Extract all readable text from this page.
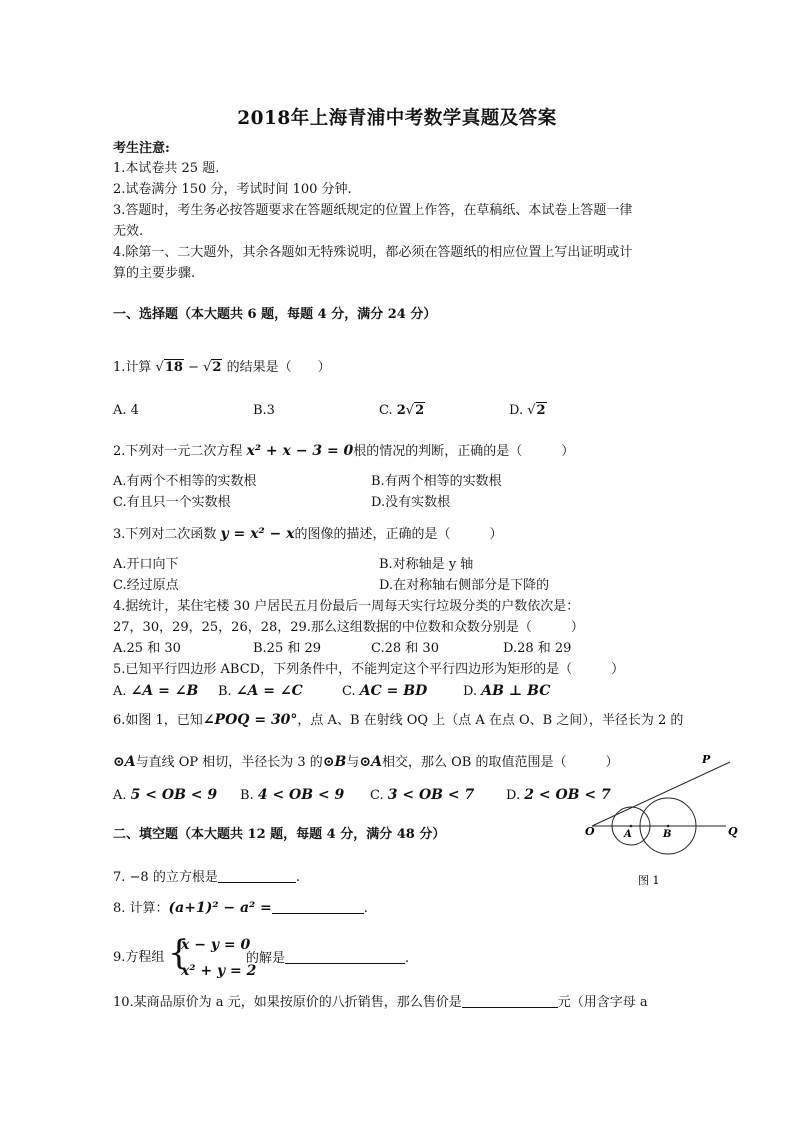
2018年上海青浦中考数学真题及答案
考生注意:
1.本试卷共 25 题.
2.试卷满分 150 分，考试时间 100 分钟.
3.答题时，考生务必按答题要求在答题纸规定的位置上作答，在草稿纸、本试卷上答题一律
无效.
4.除第一、二大题外，其余各题如无特殊说明，都必须在答题纸的相应位置上写出证明或计
算的主要步骤.
一、选择题（本大题共 6 题，每题 4 分，满分 24 分）
1.计算 √18 − √2 的结果是（　　）
A. 4	B.3	C. 2√2	D. √2
2.下列对一元二次方程 x² + x − 3 = 0根的情况的判断，正确的是（　　　）
A.有两个不相等的实数根	B.有两个相等的实数根
C.有且只一个实数根	D.没有实数根
3.下列对二次函数 y = x² − x的图像的描述，正确的是（　　　）
A.开口向下	B.对称轴是 y 轴
C.经过原点	D.在对称轴右侧部分是下降的
4.据统计，某住宅楼 30 户居民五月份最后一周每天实行垃圾分类的户数依次是：
27，30，29，25，26，28，29.那么这组数据的中位数和众数分别是（　　　）
A.25 和 30	B.25 和 29	C.28 和 30	D.28 和 29
5.已知平行四边形 ABCD，下列条件中，不能判定这个平行四边形为矩形的是（　　　）
A. ∠A = ∠B B. ∠A = ∠C	C. AC = BD	D. AB ⊥ BC
6.如图 1，已知∠POQ = 30°，点 A、B 在射线 OQ 上（点 A 在点 O、B 之间），半径长为 2 的
⊙A与直线 OP 相切，半径长为 3 的⊙B与⊙A相交，那么 OB 的取值范围是（　　　）
A. 5 < OB < 9 B. 4 < OB < 9 C. 3 < OB < 7 D. 2 < OB < 7
P
O	A	B	Q
图 1
二、填空题（本大题共 12 题，每题 4 分，满分 48 分）
7. −8 的立方根是	.
8. 计算：(a+1)² − a² =	.
9.方程组 {
x − y = 0
x² + y = 2
的解是	.
10.某商品原价为 a 元，如果按原价的八折销售，那么售价是	元（用含字母 a
